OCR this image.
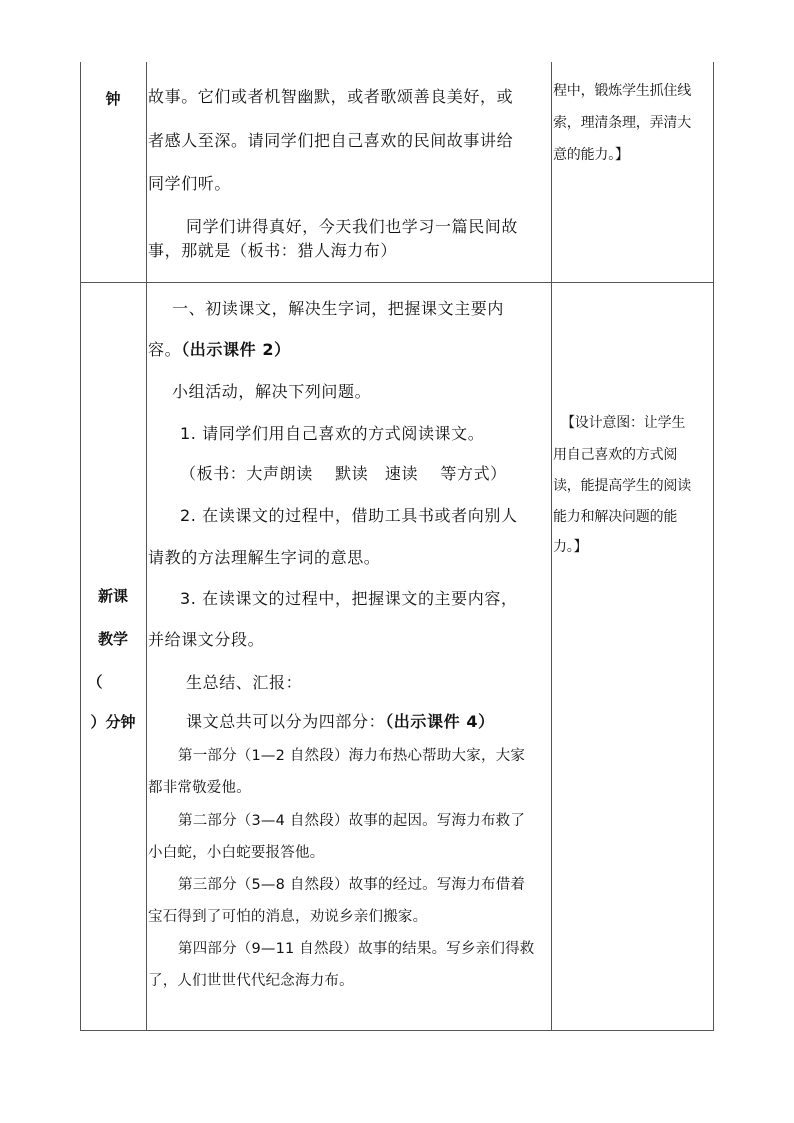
钟	故事。它们或者机智幽默，或者歌颂善良美好，或

者感人至深。请同学们把自己喜欢的民间故事讲给

同学们听。

同学们讲得真好，今天我们也学习一篇民间故

事，那就是（板书：猎人海力布）

程中，锻炼学生抓住线

索，理清条理，弄清大

意的能力。】

新课
教学
（
）分钟

一、初读课文，解决生字词，把握课文主要内

容。（出示课件 2）

小组活动，解决下列问题。

1. 请同学们用自己喜欢的方式阅读课文。

（板书：大声朗读　 默读　速读　 等方式）

2. 在读课文的过程中，借助工具书或者向别人

请教的方法理解生字词的意思。

3. 在读课文的过程中，把握课文的主要内容，

并给课文分段。

生总结、汇报：

课文总共可以分为四部分：（出示课件 4）

第一部分（1—2 自然段）海力布热心帮助大家，大家

都非常敬爱他。

第二部分（3—4 自然段）故事的起因。写海力布救了

小白蛇，小白蛇要报答他。

第三部分（5—8 自然段）故事的经过。写海力布借着

宝石得到了可怕的消息，劝说乡亲们搬家。

第四部分（9—11 自然段）故事的结果。写乡亲们得救

了，人们世世代代纪念海力布。

【设计意图：让学生

用自己喜欢的方式阅

读，能提高学生的阅读

能力和解决问题的能

力。】
